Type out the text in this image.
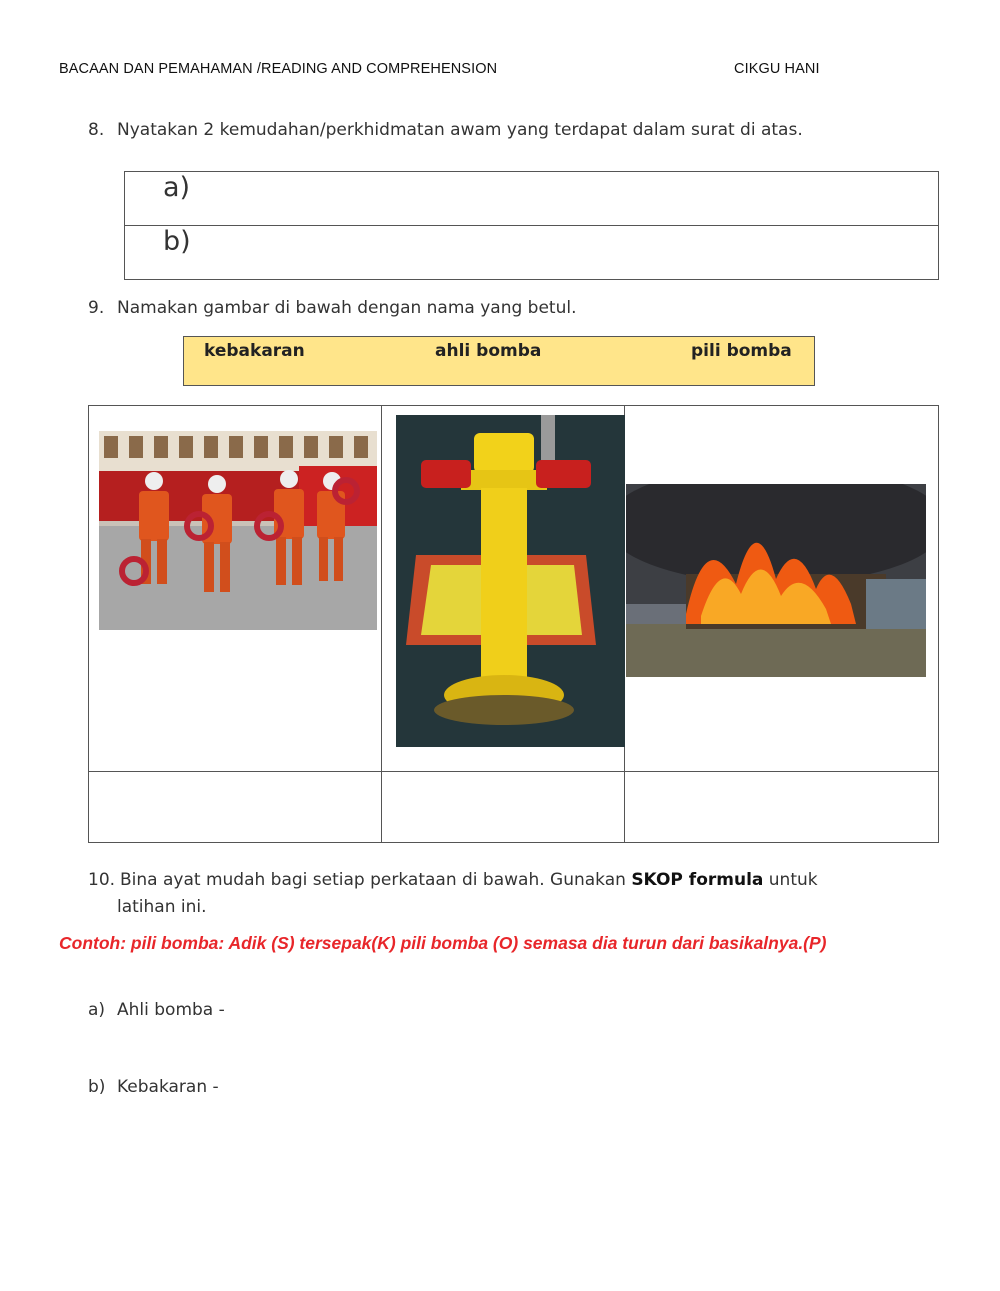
BACAAN DAN PEMAHAMAN /READING AND COMPREHENSION	CIKGU HANI
8. Nyatakan 2 kemudahan/perkhidmatan awam yang terdapat dalam surat di atas.
a)
b)
9. Namakan gambar di bawah dengan nama yang betul.
kebakaran	ahli bomba	pili bomba

10. Bina ayat mudah bagi setiap perkataan di bawah. Gunakan SKOP formula untuk
latihan ini.
Contoh: pili bomba: Adik (S) tersepak(K) pili bomba (O) semasa dia turun dari basikalnya.(P)
a) Ahli bomba -
b) Kebakaran -
